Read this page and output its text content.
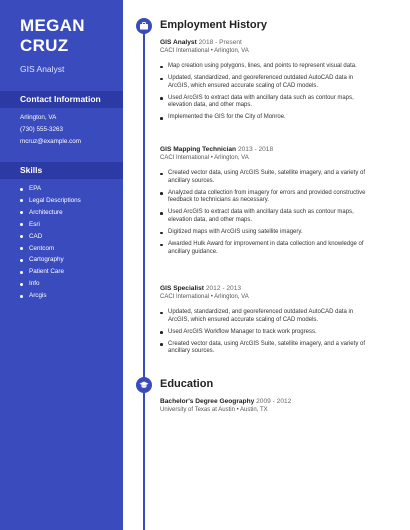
MEGAN
CRUZ
GIS Analyst
Contact Information
Arlington, VA
(730) 555-3263
mcruz@example.com
Skills
EPA
Legal Descriptions
Architecture
Esri
CAD
Centcom
Cartography
Patient Care
Info
Arcgis
Employment History
GIS Analyst 2018 - Present
CACI International • Arlington, VA
Map creation using polygons, lines, and points to represent visual data.
Updated, standardized, and georeferenced outdated AutoCAD data in ArcGIS, which ensured accurate scaling of CAD models.
Used ArcGIS to extract data with ancillary data such as contour maps, elevation data, and other maps.
Implemented the GIS for the City of Monroe.
GIS Mapping Technician 2013 - 2018
CACI International • Arlington, VA
Created vector data, using ArcGIS Suite, satellite imagery, and a variety of ancillary sources.
Analyzed data collection from imagery for errors and provided constructive feedback to technicians as necessary.
Used ArcGIS to extract data with ancillary data such as contour maps, elevation data, and other maps.
Digitized maps with ArcGIS using satellite imagery.
Awarded Hulk Award for improvement in data collection and knowledge of ancillary guidance.
GIS Specialist 2012 - 2013
CACI International • Arlington, VA
Updated, standardized, and georeferenced outdated AutoCAD data in ArcGIS, which ensured accurate scaling of CAD models.
Used ArcGIS Workflow Manager to track work progress.
Created vector data, using ArcGIS Suite, satellite imagery, and a variety of ancillary sources.
Education
Bachelor's Degree Geography 2009 - 2012
University of Texas at Austin • Austin, TX
